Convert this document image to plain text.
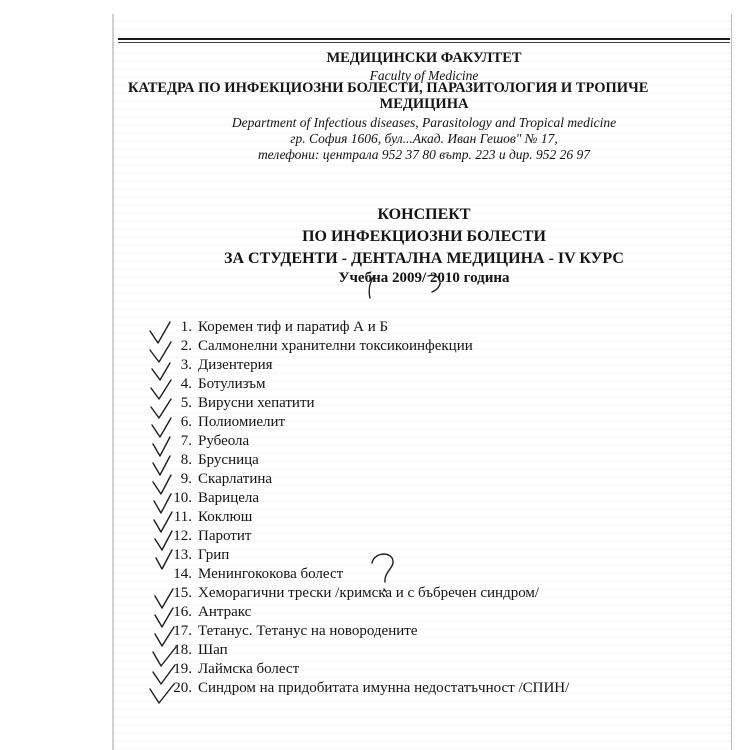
МЕДИЦИНСКИ ФАКУЛТЕТ
Faculty of Medicine
КАТЕДРА ПО ИНФЕКЦИОЗНИ БОЛЕСТИ, ПАРАЗИТОЛОГИЯ И ТРОПИЧЕ
МЕДИЦИНА
Department of Infectious diseases, Parasitology and Tropical medicine
гр. София 1606, бул...Акад. Иван Гешов" № 17,
телефони: централа 952 37 80 вътр. 223 и дир. 952 26 97
КОНСПЕКТ
ПО ИНФЕКЦИОЗНИ БОЛЕСТИ
ЗА СТУДЕНТИ - ДЕНТАЛНА МЕДИЦИНА - IV КУРС
Учебна 2009/ 2010 година
1. Коремен тиф и паратиф А и Б
2. Салмонелни хранителни токсикоинфекции
3. Дизентерия
4. Ботулизъм
5. Вирусни хепатити
6. Полиомиелит
7. Рубеола
8. Брусница
9. Скарлатина
10. Варицела
11. Коклюш
12. Паротит
13. Грип
14. Менингококова болест
15. Хеморагични трески /кримска и с бъбречен синдром/
16. Антракс
17. Тетанус. Тетанус на новородените
18. Шап
19. Лаймска болест
20. Синдром на придобитата имунна недостатъчност /СПИН/
